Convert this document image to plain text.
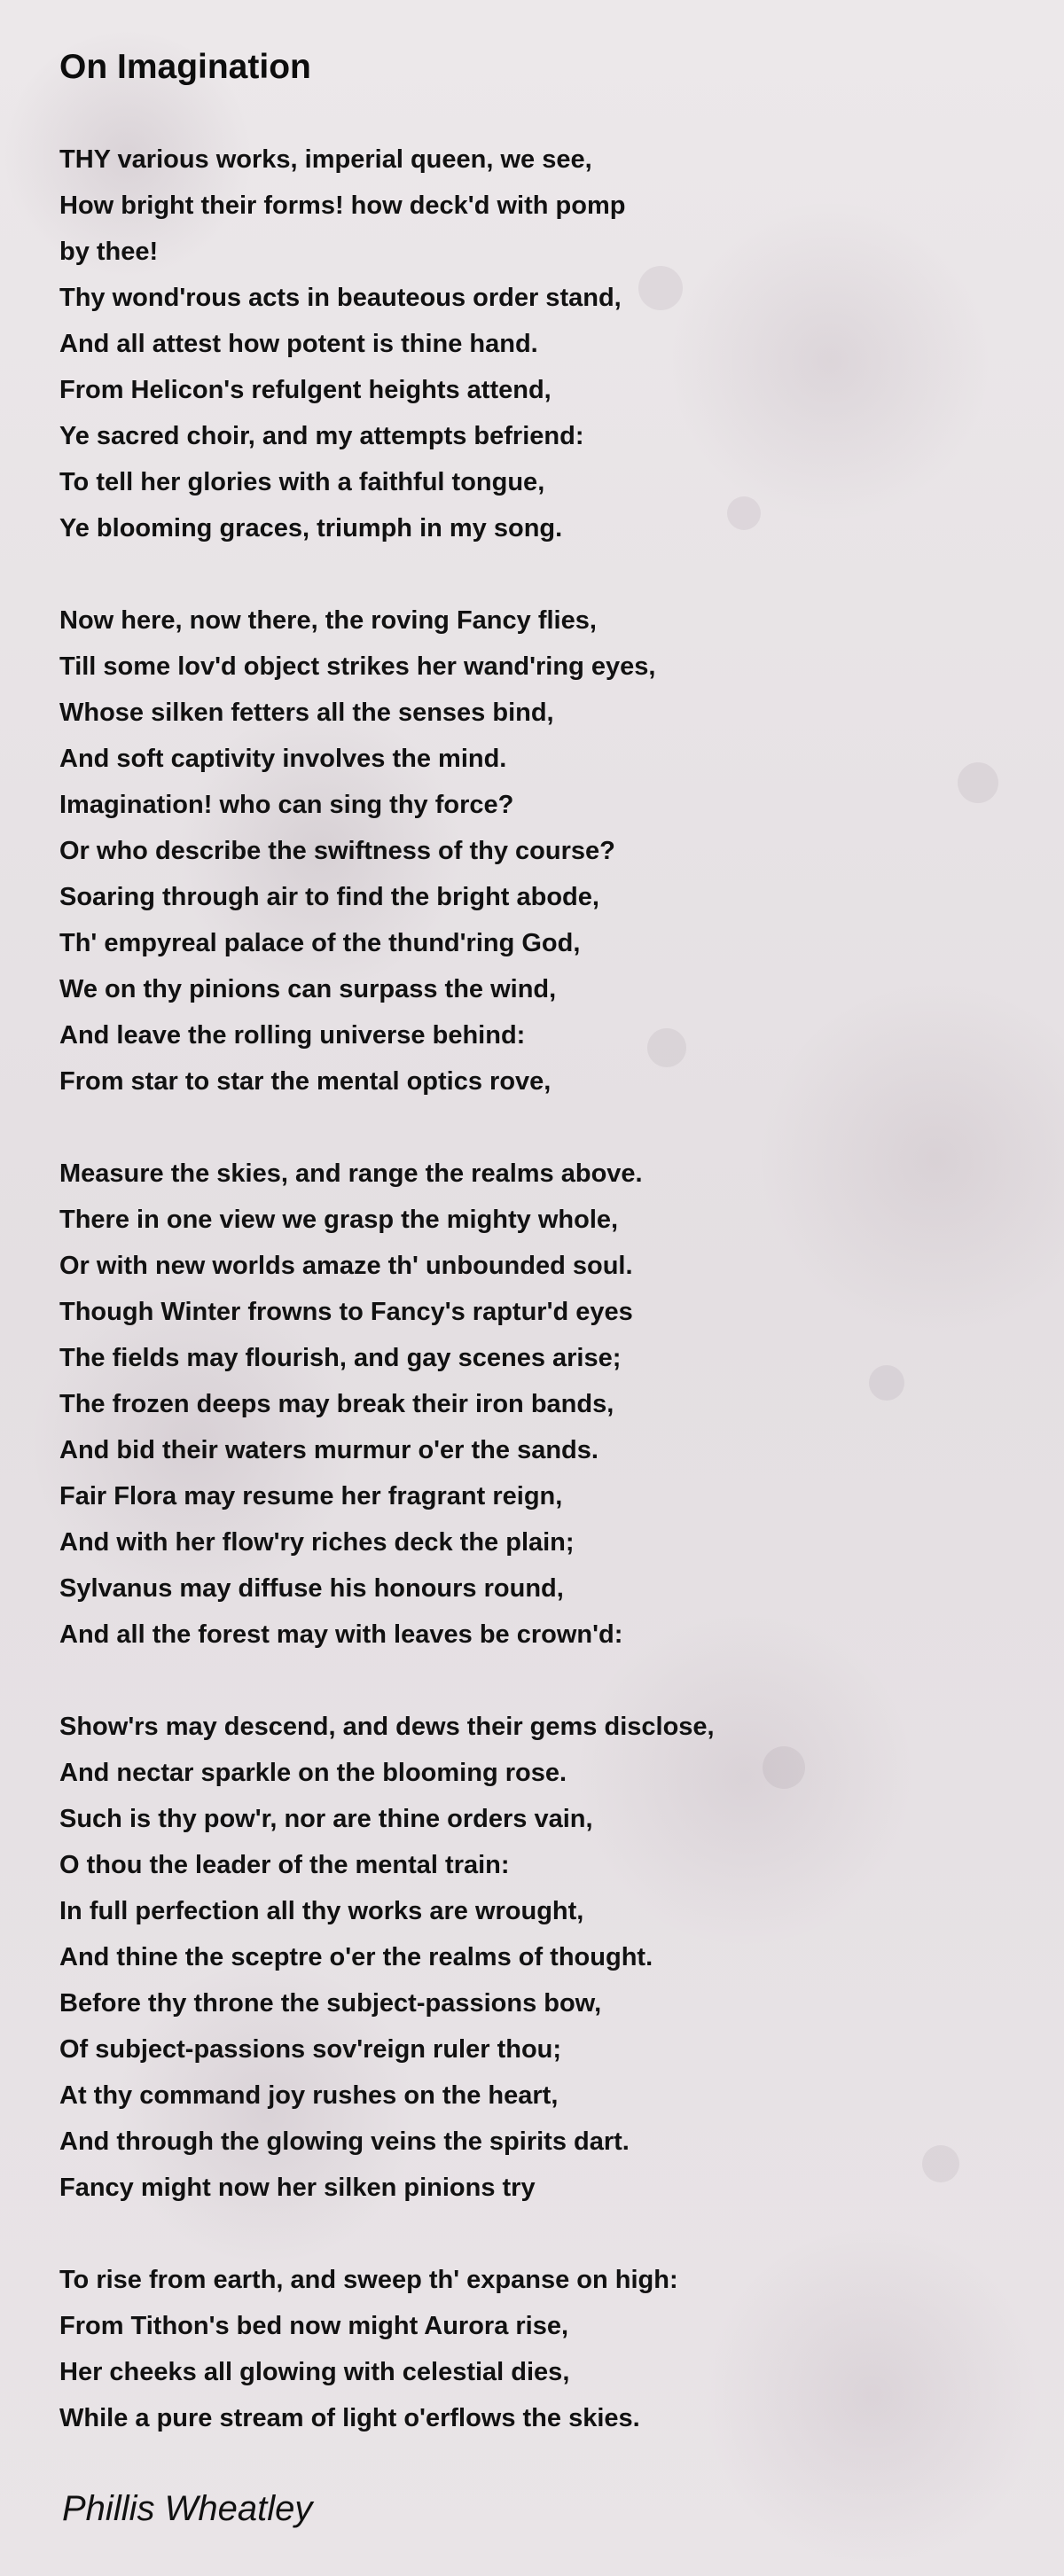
On Imagination
THY various works, imperial queen, we see,
How bright their forms! how deck'd with pomp
by thee!
Thy wond'rous acts in beauteous order stand,
And all attest how potent is thine hand.
From Helicon's refulgent heights attend,
Ye sacred choir, and my attempts befriend:
To tell her glories with a faithful tongue,
Ye blooming graces, triumph in my song.
Now here, now there, the roving Fancy flies,
Till some lov'd object strikes her wand'ring eyes,
Whose silken fetters all the senses bind,
And soft captivity involves the mind.
Imagination! who can sing thy force?
Or who describe the swiftness of thy course?
Soaring through air to find the bright abode,
Th' empyreal palace of the thund'ring God,
We on thy pinions can surpass the wind,
And leave the rolling universe behind:
From star to star the mental optics rove,
Measure the skies, and range the realms above.
There in one view we grasp the mighty whole,
Or with new worlds amaze th' unbounded soul.
Though Winter frowns to Fancy's raptur'd eyes
The fields may flourish, and gay scenes arise;
The frozen deeps may break their iron bands,
And bid their waters murmur o'er the sands.
Fair Flora may resume her fragrant reign,
And with her flow'ry riches deck the plain;
Sylvanus may diffuse his honours round,
And all the forest may with leaves be crown'd:
Show'rs may descend, and dews their gems disclose,
And nectar sparkle on the blooming rose.
Such is thy pow'r, nor are thine orders vain,
O thou the leader of the mental train:
In full perfection all thy works are wrought,
And thine the sceptre o'er the realms of thought.
Before thy throne the subject-passions bow,
Of subject-passions sov'reign ruler thou;
At thy command joy rushes on the heart,
And through the glowing veins the spirits dart.
Fancy might now her silken pinions try
To rise from earth, and sweep th' expanse on high:
From Tithon's bed now might Aurora rise,
Her cheeks all glowing with celestial dies,
While a pure stream of light o'erflows the skies.
Phillis Wheatley
